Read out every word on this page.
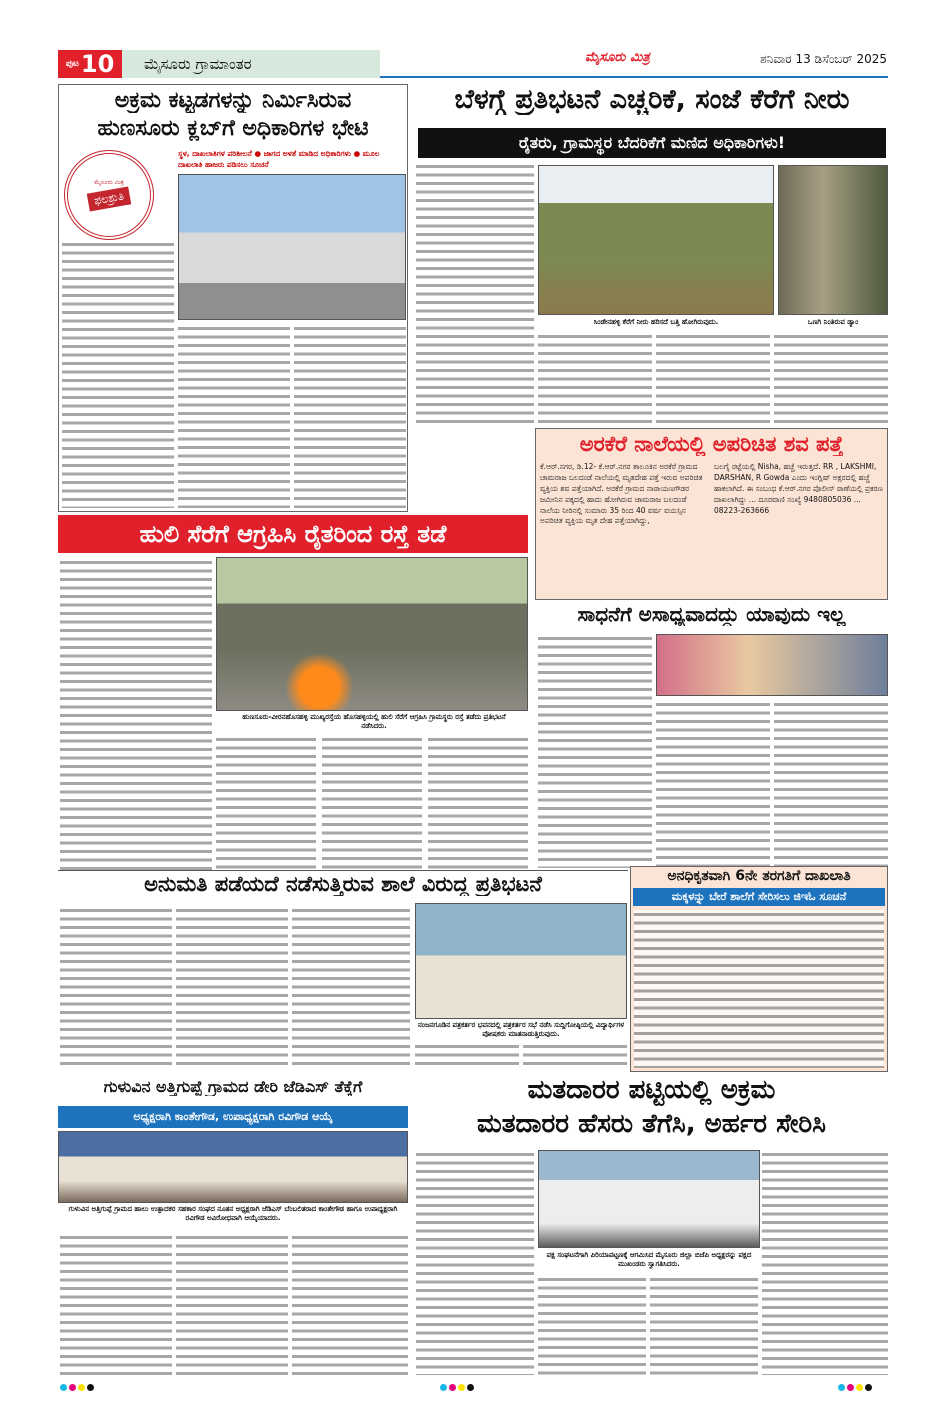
ಪುಟ 10	ಮೈಸೂರು ಗ್ರಾಮಾಂತರ	ಮೈಸೂರು ಮಿತ್ರ	ಶನಿವಾರ 13 ಡಿಸೆಂಬರ್ 2025
ಅಕ್ರಮ ಕಟ್ಟಡಗಳನ್ನು ನಿರ್ಮಿಸಿರುವ
ಹುಣಸೂರು ಕ್ಲಬ್‌ಗೆ ಅಧಿಕಾರಿಗಳ ಭೇಟಿ
ಸ್ಥಳ, ದಾಖಲಾತಿಗಳ ಪರಿಶೀಲನೆ ● ಜಾಗದ ಅಳತೆ ಮಾಡಿದ ಅಧಿಕಾರಿಗಳು ● ಮೂಲ ದಾಖಲಾತಿ ಹಾಜರು ಪಡಿಸಲು ಸೂಚನೆ
ಮೈಸೂರು ಮಿತ್ರ
ಫಲಶ್ರುತಿ
ಬೆಳಗ್ಗೆ ಪ್ರತಿಭಟನೆ ಎಚ್ಚರಿಕೆ, ಸಂಜೆ ಕೆರೆಗೆ ನೀರು
ರೈತರು, ಗ್ರಾಮಸ್ಥರ ಬೆದರಿಕೆಗೆ ಮಣಿದ ಅಧಿಕಾರಿಗಳು!
ಸಿಂಡೇನಹಳ್ಳಿ ಕೆರೆಗೆ ನೀರು ಹರಿಸದೆ ಬತ್ತಿ ಹೋಗಿರುವುದು.	ಒಣಗಿ ನಿಂತಿರುವ ಡ್ಯಾಂ
ಅರಕೆರೆ ನಾಲೆಯಲ್ಲಿ ಅಪರಿಚಿತ ಶವ ಪತ್ತೆ
ಕೆ.ಆರ್.ನಗರ, ಡಿ.12- ಕೆ.ಆರ್.ನಗರ ತಾಲೂಕಿನ ಅರಕೆರೆ ಗ್ರಾಮದ ಚಾಮರಾಜ ಬಲದಂಡೆ ನಾಲೆಯಲ್ಲಿ ಮೃತದೇಹ ಪತ್ತೆ ಇರುವ ಅಪರಿಚಿತ ವ್ಯಕ್ತಿಯ ಶವ ಪತ್ತೆಯಾಗಿದೆ. ಅರಕೆರೆ ಗ್ರಾಮದ ನಾರಾಯಣಗೌಡರ ಜಮೀನಿನ ಪಕ್ಕದಲ್ಲಿ ಹಾದು ಹೋಗಿರುವ ಚಾಮರಾಜ ಬಲದಂಡೆ ನಾಲೆಯ ನೀರಿನಲ್ಲಿ ಸುಮಾರು 35 ರಿಂದ 40 ವರ್ಷ ವಯಸ್ಸಿನ ಅಪರಿಚಿತ ವ್ಯಕ್ತಿಯ ಮೃತ ದೇಹ ಪತ್ತೆಯಾಗಿದ್ದು,
ಬಲಗೈ ರಟ್ಟೆಯಲ್ಲಿ Nisha, ಹಚ್ಚೆ ಇರುತ್ತದೆ. RR , LAKSHMI, DARSHAN, R Gowda ಎಂದು ಇಂಗ್ಲಿಷ್ ಅಕ್ಷರದಲ್ಲಿ ಹಚ್ಚೆ ಹಾಕಲಾಗಿದೆ. ಈ ಸಂಬಂಧ ಕೆ.ಆರ್.ನಗರ ಪೊಲೀಸ್ ಠಾಣೆಯಲ್ಲಿ ಪ್ರಕರಣ ದಾಖಲಾಗಿದ್ದು ... ದೂರವಾಣಿ ಸಂಖ್ಯೆ 9480805036 ... 08223-263666
ಹುಲಿ ಸೆರೆಗೆ ಆಗ್ರಹಿಸಿ ರೈತರಿಂದ ರಸ್ತೆ ತಡೆ
ಹುಣಸೂರು-ವೀರನಹೊಸಹಳ್ಳಿ ಮುಖ್ಯರಸ್ತೆಯ ಹೊಸಹಳ್ಳಿಯಲ್ಲಿ ಹುಲಿ ಸೆರೆಗೆ ಆಗ್ರಹಿಸಿ ಗ್ರಾಮಸ್ಥರು ರಸ್ತೆ ತಡೆದು ಪ್ರತಿಭಟನೆ ನಡೆಸಿದರು.
ಸಾಧನೆಗೆ ಅಸಾಧ್ಯವಾದದ್ದು ಯಾವುದು ಇಲ್ಲ
ಅನುಮತಿ ಪಡೆಯದೆ ನಡೆಸುತ್ತಿರುವ ಶಾಲೆ ವಿರುದ್ಧ ಪ್ರತಿಭಟನೆ
ನಂಜನಗೂಡಿನ ಪತ್ರಕರ್ತರ ಭವನದಲ್ಲಿ ಪತ್ರಕರ್ತರ ಸಭೆ ನಡೆಸಿ ಸುದ್ದಿಗೋಷ್ಠಿಯಲ್ಲಿ ವಿದ್ಯಾರ್ಥಿಗಳ ಪೋಷಕರು ಮಾತನಾಡುತ್ತಿರುವುದು.
ಅನಧಿಕೃತವಾಗಿ 6ನೇ ತರಗತಿಗೆ ದಾಖಲಾತಿ
ಮಕ್ಕಳನ್ನು ಬೇರೆ ಶಾಲೆಗೆ ಸೇರಿಸಲು ಜಿಇಓ ಸೂಚನೆ
ಗುಳುವಿನ ಅತ್ತಿಗುಪ್ಪೆ ಗ್ರಾಮದ ಡೇರಿ ಜೆಡಿಎಸ್ ತೆಕ್ಕೆಗೆ
ಅಧ್ಯಕ್ಷರಾಗಿ ಕಾಂತೇಗೌಡ, ಉಪಾಧ್ಯಕ್ಷರಾಗಿ ರವಿಗೌಡ ಆಯ್ಕೆ
ಗುಳುವಿನ ಅತ್ತಿಗುಪ್ಪೆ ಗ್ರಾಮದ ಹಾಲು ಉತ್ಪಾದಕರ ಸಹಕಾರ ಸಂಘದ ನೂತನ ಅಧ್ಯಕ್ಷರಾಗಿ ಜೆಡಿಎಸ್ ಬೆಂಬಲಿತರಾದ ಕಾಂತೇಗೌಡ ಹಾಗೂ ಉಪಾಧ್ಯಕ್ಷರಾಗಿ ರವಿಗೌಡ ಅವಿರೋಧವಾಗಿ ಆಯ್ಕೆಯಾದರು.
ಮತದಾರರ ಪಟ್ಟಿಯಲ್ಲಿ ಅಕ್ರಮ
ಮತದಾರರ ಹೆಸರು ತೆಗೆಸಿ, ಅರ್ಹರ ಸೇರಿಸಿ
ಪಕ್ಷ ಸಂಘಟನೆಗಾಗಿ ಪಿರಿಯಾಪಟ್ಟಣಕ್ಕೆ ಆಗಮಿಸಿದ ಮೈಸೂರು ಜಿಲ್ಲಾ ಬಿಜೆಪಿ ಅಧ್ಯಕ್ಷರನ್ನು ಪಕ್ಷದ ಮುಖಂಡರು ಸ್ವಾಗತಿಸಿದರು.
